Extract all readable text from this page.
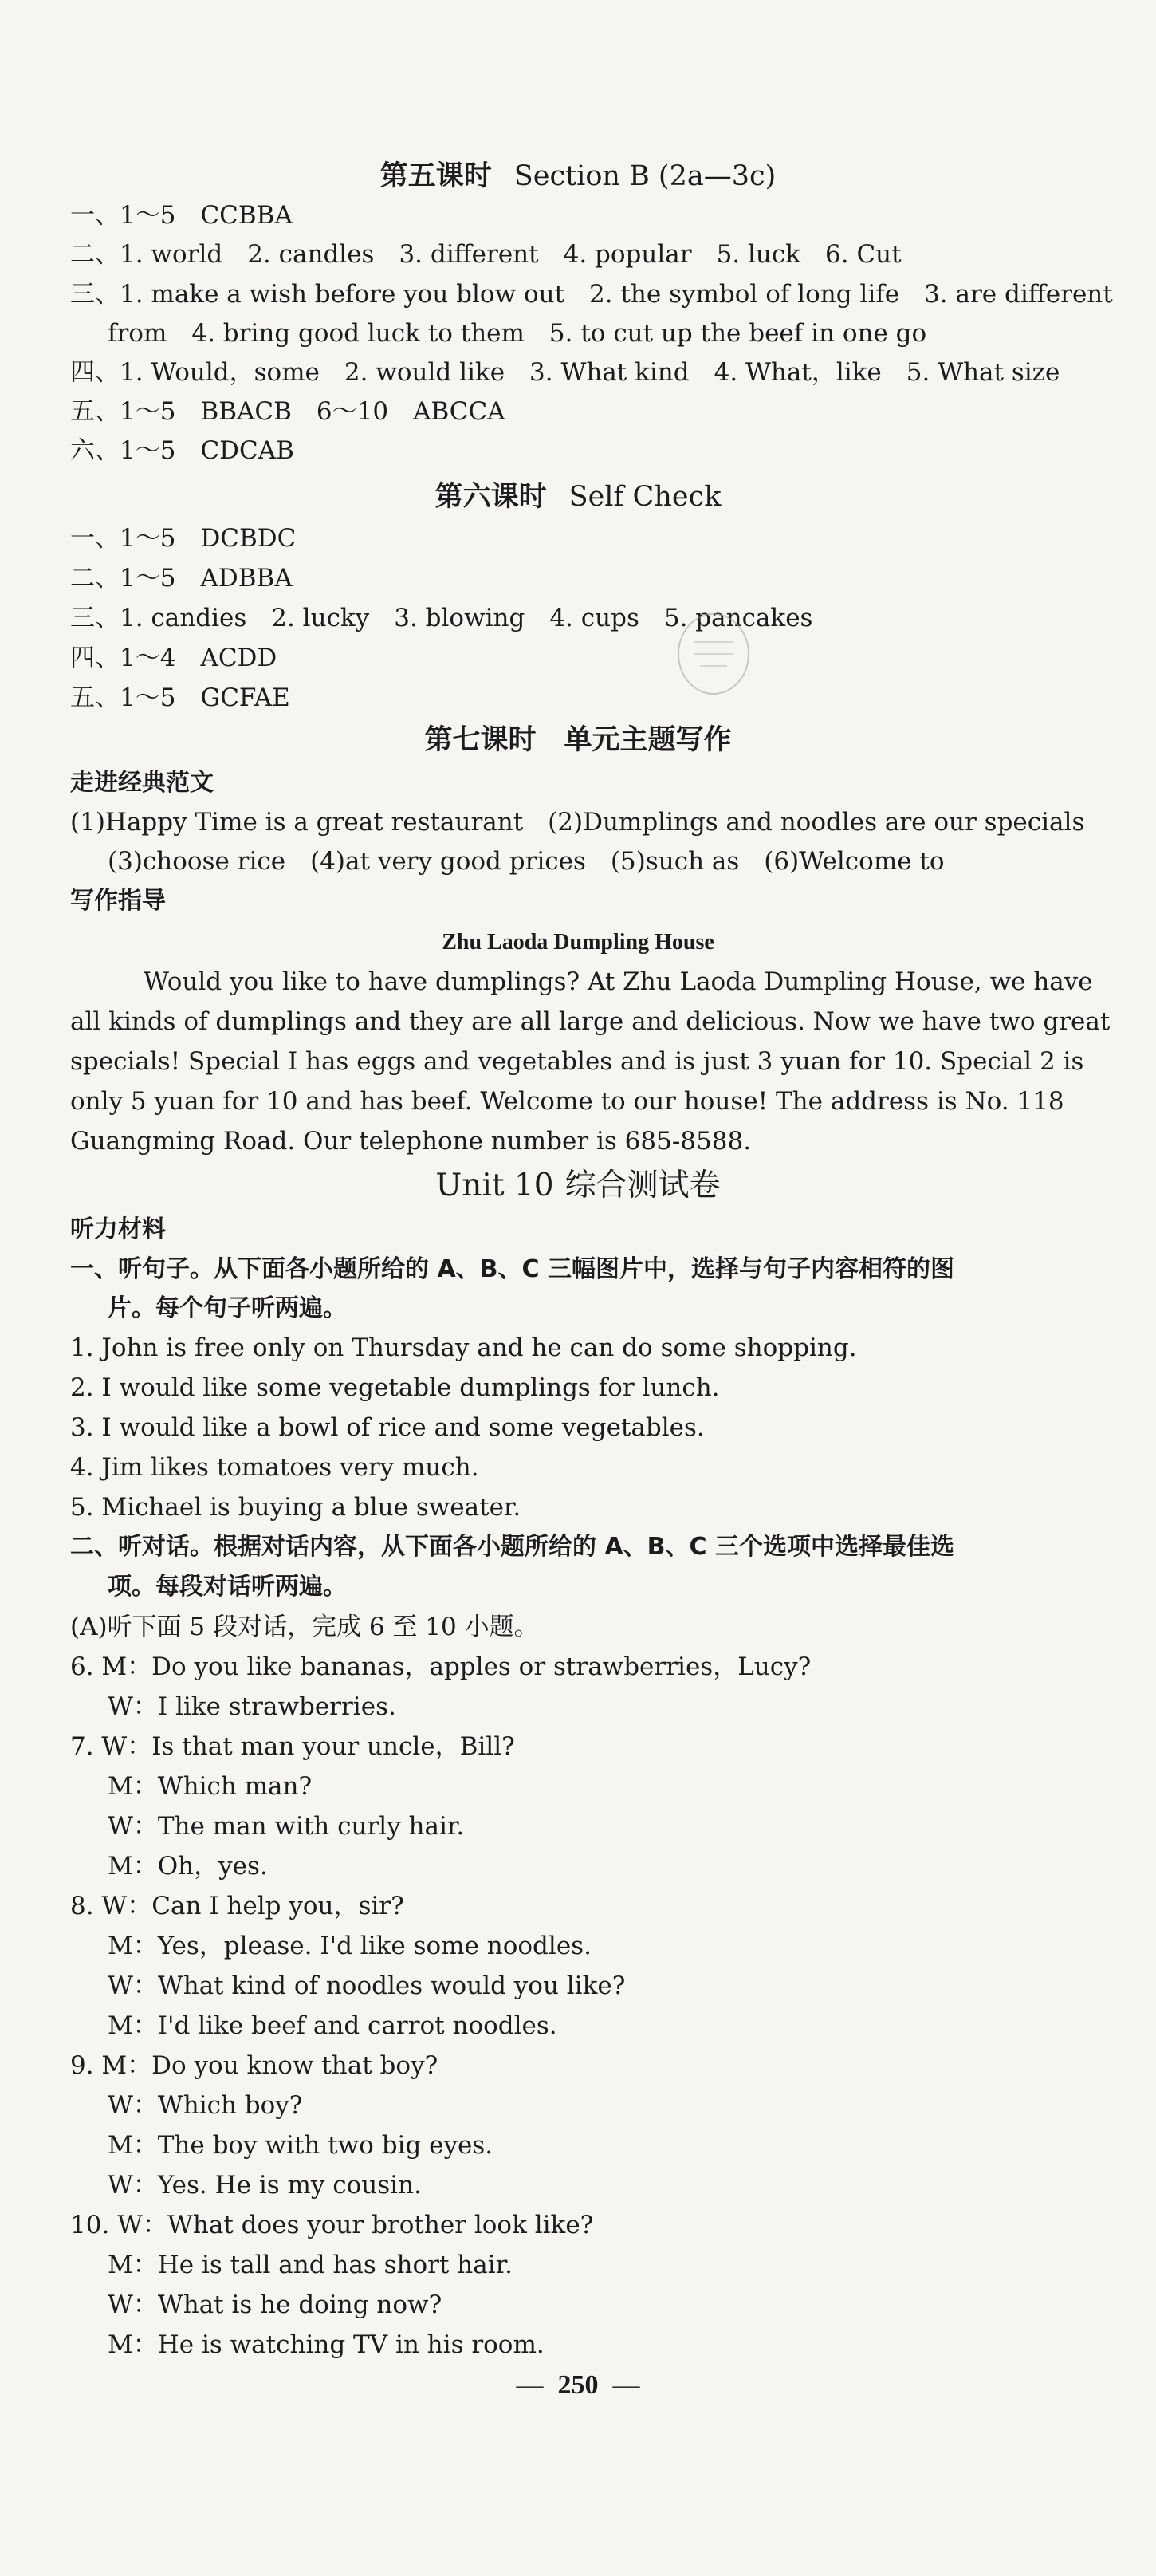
第五课时 Section B (2a—3c)
一、1～5　CCBBA
二、1. world　2. candles　3. different　4. popular　5. luck　6. Cut
三、1. make a wish before you blow out　2. the symbol of long life　3. are different
from　4. bring good luck to them　5. to cut up the beef in one go
四、1. Would，some　2. would like　3. What kind　4. What，like　5. What size
五、1～5　BBACB　6～10　ABCCA
六、1～5　CDCAB
第六课时 Self Check
一、1～5　DCBDC
二、1～5　ADBBA
三、1. candies　2. lucky　3. blowing　4. cups　5. pancakes
四、1～4　ACDD
五、1～5　GCFAE
第七课时　单元主题写作
走进经典范文
(1)Happy Time is a great restaurant　(2)Dumplings and noodles are our specials
(3)choose rice　(4)at very good prices　(5)such as　(6)Welcome to
写作指导
Zhu Laoda Dumpling House
Would you like to have dumplings? At Zhu Laoda Dumpling House, we have
all kinds of dumplings and they are all large and delicious. Now we have two great
specials! Special I has eggs and vegetables and is just 3 yuan for 10. Special 2 is
only 5 yuan for 10 and has beef. Welcome to our house! The address is No. 118
Guangming Road. Our telephone number is 685-8588.
Unit 10 综合测试卷
听力材料
一、听句子。从下面各小题所给的 A、B、C 三幅图片中，选择与句子内容相符的图
片。每个句子听两遍。
1. John is free only on Thursday and he can do some shopping.
2. I would like some vegetable dumplings for lunch.
3. I would like a bowl of rice and some vegetables.
4. Jim likes tomatoes very much.
5. Michael is buying a blue sweater.
二、听对话。根据对话内容，从下面各小题所给的 A、B、C 三个选项中选择最佳选
项。每段对话听两遍。
(A)听下面 5 段对话，完成 6 至 10 小题。
6. M：Do you like bananas，apples or strawberries，Lucy?
W：I like strawberries.
7. W：Is that man your uncle，Bill?
M：Which man?
W：The man with curly hair.
M：Oh，yes.
8. W：Can I help you，sir?
M：Yes，please. I'd like some noodles.
W：What kind of noodles would you like?
M：I'd like beef and carrot noodles.
9. M：Do you know that boy?
W：Which boy?
M：The boy with two big eyes.
W：Yes. He is my cousin.
10. W：What does your brother look like?
M：He is tall and has short hair.
W：What is he doing now?
M：He is watching TV in his room.
— 250 —
